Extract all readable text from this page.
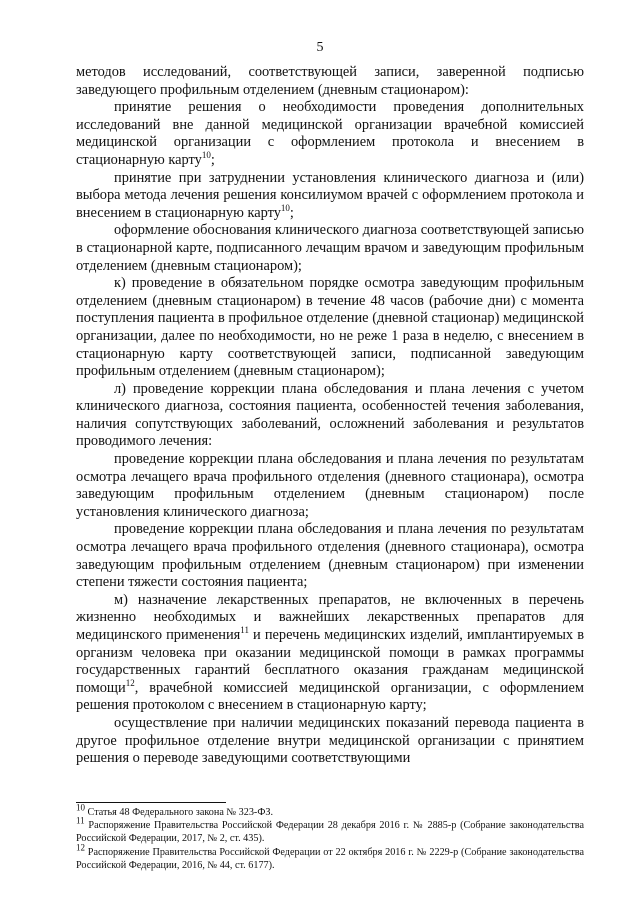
5

методов исследований, соответствующей записи, заверенной подписью заведующего профильным отделением (дневным стационаром):

принятие решения о необходимости проведения дополнительных исследований вне данной медицинской организации врачебной комиссией медицинской организации с оформлением протокола и внесением в стационарную карту$^{10}$;

принятие при затруднении установления клинического диагноза и (или) выбора метода лечения решения консилиумом врачей с оформлением протокола и внесением в стационарную карту$^{10}$;

оформление обоснования клинического диагноза соответствующей записью в стационарной карте, подписанного лечащим врачом и заведующим профильным отделением (дневным стационаром);

к) проведение в обязательном порядке осмотра заведующим профильным отделением (дневным стационаром) в течение 48 часов (рабочие дни) с момента поступления пациента в профильное отделение (дневной стационар) медицинской организации, далее по необходимости, но не реже 1 раза в неделю, с внесением в стационарную карту соответствующей записи, подписанной заведующим профильным отделением (дневным стационаром);

л) проведение коррекции плана обследования и плана лечения с учетом клинического диагноза, состояния пациента, особенностей течения заболевания, наличия сопутствующих заболеваний, осложнений заболевания и результатов проводимого лечения:

проведение коррекции плана обследования и плана лечения по результатам осмотра лечащего врача профильного отделения (дневного стационара), осмотра заведующим профильным отделением (дневным стационаром) после установления клинического диагноза;

проведение коррекции плана обследования и плана лечения по результатам осмотра лечащего врача профильного отделения (дневного стационара), осмотра заведующим профильным отделением (дневным стационаром) при изменении степени тяжести состояния пациента;

м) назначение лекарственных препаратов, не включенных в перечень жизненно необходимых и важнейших лекарственных препаратов для медицинского применения$^{11}$ и перечень медицинских изделий, имплантируемых в организм человека при оказании медицинской помощи в рамках программы государственных гарантий бесплатного оказания гражданам медицинской помощи$^{12}$, врачебной комиссией медицинской организации, с оформлением решения протоколом с внесением в стационарную карту;

осуществление при наличии медицинских показаний перевода пациента в другое профильное отделение внутри медицинской организации с принятием решения о переводе заведующими соответствующими

$^{10}$ Статья 48 Федерального закона № 323-ФЗ.

$^{11}$ Распоряжение Правительства Российской Федерации 28 декабря 2016 г. № 2885-р (Собрание законодательства Российской Федерации, 2017, № 2, ст. 435).

$^{12}$ Распоряжение Правительства Российской Федерации от 22 октября 2016 г. № 2229-р (Собрание законодательства Российской Федерации, 2016, № 44, ст. 6177).
